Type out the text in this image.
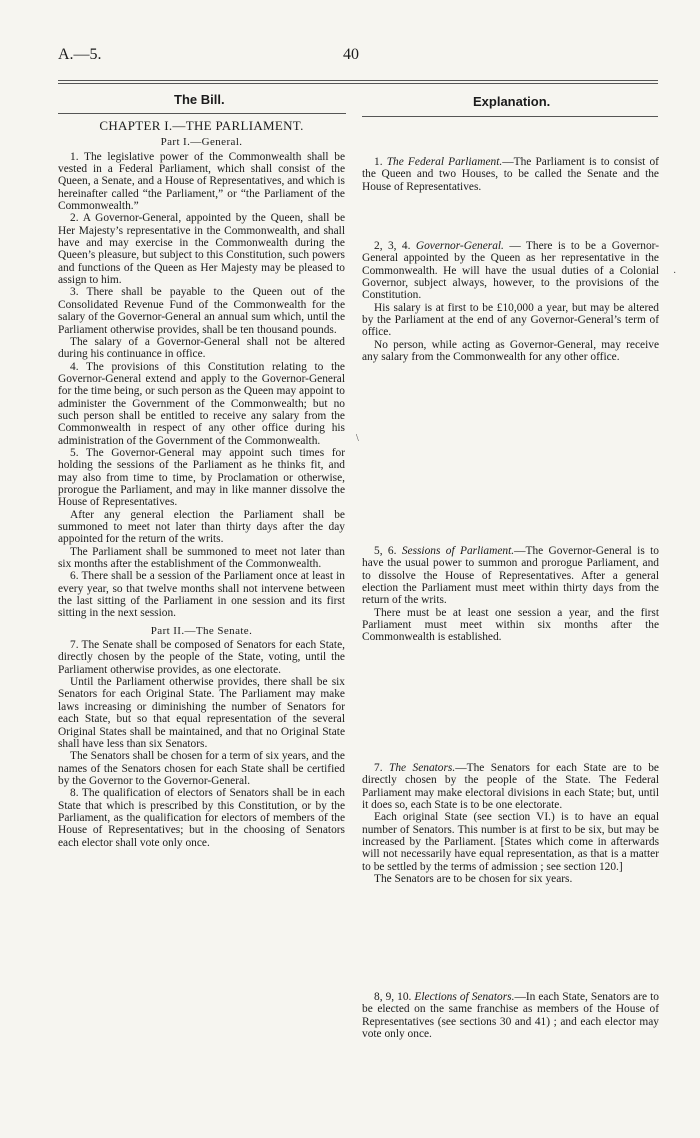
A.—5.	40
The Bill.	Explanation.
CHAPTER I.—THE PARLIAMENT.
Part I.—General.

1. The legislative power of the Commonwealth shall be vested in a Federal Parliament, which shall consist of the Queen, a Senate, and a House of Representatives, and which is hereinafter called “the Parliament,” or “the Parliament of the Commonwealth.”

2. A Governor-General, appointed by the Queen, shall be Her Majesty’s representative in the Commonwealth, and shall have and may exercise in the Commonwealth during the Queen’s pleasure, but subject to this Constitution, such powers and functions of the Queen as Her Majesty may be pleased to assign to him.

3. There shall be payable to the Queen out of the Consolidated Revenue Fund of the Commonwealth for the salary of the Governor-General an annual sum which, until the Parliament otherwise provides, shall be ten thousand pounds.

The salary of a Governor-General shall not be altered during his continuance in office.

4. The provisions of this Constitution relating to the Governor-General extend and apply to the Governor-General for the time being, or such person as the Queen may appoint to administer the Government of the Commonwealth; but no such person shall be entitled to receive any salary from the Commonwealth in respect of any other office during his administration of the Government of the Commonwealth.

5. The Governor-General may appoint such times for holding the sessions of the Parliament as he thinks fit, and may also from time to time, by Proclamation or otherwise, prorogue the Parliament, and may in like manner dissolve the House of Representatives.

After any general election the Parliament shall be summoned to meet not later than thirty days after the day appointed for the return of the writs.

The Parliament shall be summoned to meet not later than six months after the establishment of the Commonwealth.

6. There shall be a session of the Parliament once at least in every year, so that twelve months shall not intervene between the last sitting of the Parliament in one session and its first sitting in the next session.

Part II.—The Senate.

7. The Senate shall be composed of Senators for each State, directly chosen by the people of the State, voting, until the Parliament otherwise provides, as one electorate.

Until the Parliament otherwise provides, there shall be six Senators for each Original State. The Parliament may make laws increasing or diminishing the number of Senators for each State, but so that equal representation of the several Original States shall be maintained, and that no Original State shall have less than six Senators.

The Senators shall be chosen for a term of six years, and the names of the Senators chosen for each State shall be certified by the Governor to the Governor-General.

8. The qualification of electors of Senators shall be in each State that which is prescribed by this Constitution, or by the Parliament, as the qualification for electors of members of the House of Representatives; but in the choosing of Senators each elector shall vote only once.

1. The Federal Parliament.—The Parliament is to consist of the Queen and two Houses, to be called the Senate and the House of Representatives.

2, 3, 4. Governor-General. — There is to be a Governor-General appointed by the Queen as her representative in the Commonwealth. He will have the usual duties of a Colonial Governor, subject always, however, to the provisions of the Constitution.

His salary is at first to be £10,000 a year, but may be altered by the Parliament at the end of any Governor-General’s term of office.

No person, while acting as Governor-General, may receive any salary from the Commonwealth for any other office.

5, 6. Sessions of Parliament.—The Governor-General is to have the usual power to summon and prorogue Parliament, and to dissolve the House of Representatives. After a general election the Parliament must meet within thirty days from the return of the writs.

There must be at least one session a year, and the first Parliament must meet within six months after the Commonwealth is established.

7. The Senators.—The Senators for each State are to be directly chosen by the people of the State. The Federal Parliament may make electoral divisions in each State; but, until it does so, each State is to be one electorate.

Each original State (see section VI.) is to have an equal number of Senators. This number is at first to be six, but may be increased by the Parliament. [States which come in afterwards will not necessarily have equal representation, as that is a matter to be settled by the terms of admission ; see section 120.]

The Senators are to be chosen for six years.

8, 9, 10. Elections of Senators.—In each State, Senators are to be elected on the same franchise as members of the House of Representatives (see sections 30 and 41) ; and each elector may vote only once.

·
\
